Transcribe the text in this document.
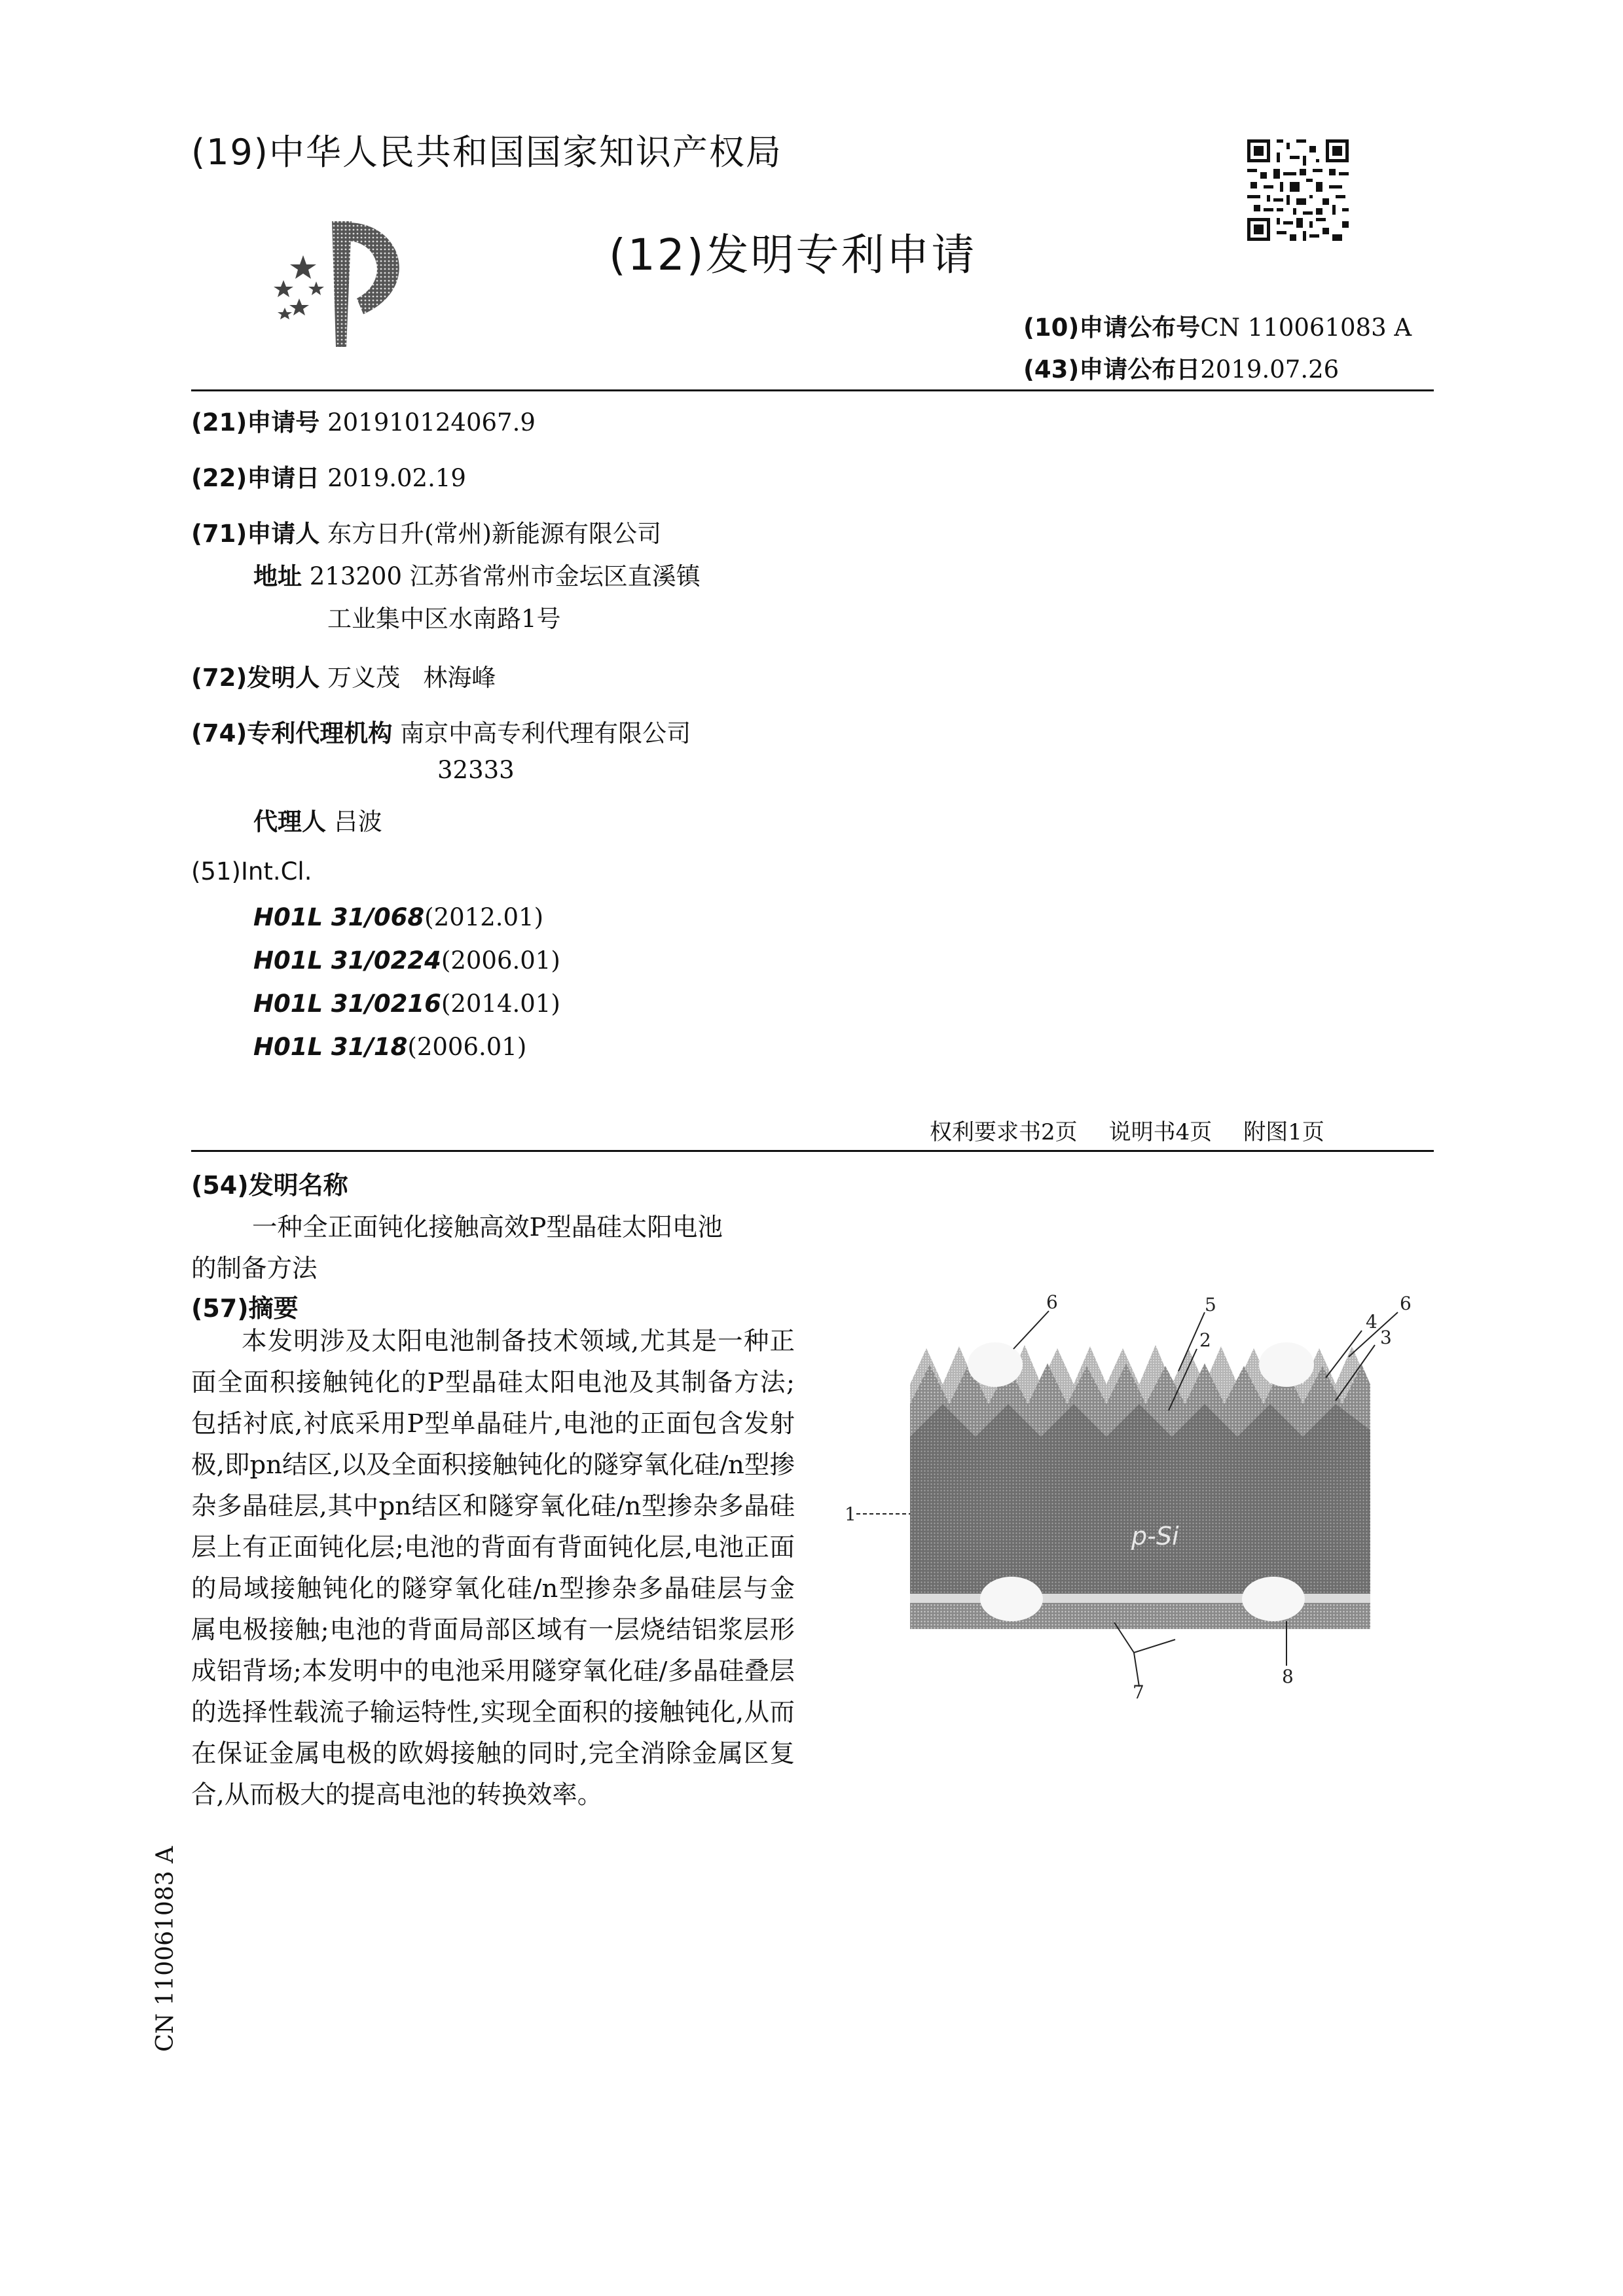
(19)中华人民共和国国家知识产权局
(12)发明专利申请
(10)申请公布号CN 110061083 A
(43)申请公布日2019.07.26
(21)申请号 201910124067.9
(22)申请日 2019.02.19
(71)申请人 东方日升(常州)新能源有限公司
地址 213200 江苏省常州市金坛区直溪镇
工业集中区水南路1号
(72)发明人 万义茂   林海峰
(74)专利代理机构 南京中高专利代理有限公司
32333
代理人 吕波
(51)Int.Cl.
H01L 31/068(2012.01)
H01L 31/0224(2006.01)
H01L 31/0216(2014.01)
H01L 31/18(2006.01)
权利要求书2页 说明书4页 附图1页
(54)发明名称
一种全正面钝化接触高效P型晶硅太阳电池
的制备方法
(57)摘要
本发明涉及太阳电池制备技术领域,尤其是一种正面全面积接触钝化的P型晶硅太阳电池及其制备方法;包括衬底,衬底采用P型单晶硅片,电池的正面包含发射极,即pn结区,以及全面积接触钝化的隧穿氧化硅/n型掺杂多晶硅层,其中pn结区和隧穿氧化硅/n型掺杂多晶硅层上有正面钝化层;电池的背面有背面钝化层,电池正面的局域接触钝化的隧穿氧化硅/n型掺杂多晶硅层与金属电极接触;电池的背面局部区域有一层烧结铝浆层形成铝背场;本发明中的电池采用隧穿氧化硅/多晶硅叠层的选择性载流子输运特性,实现全面积的接触钝化,从而在保证金属电极的欧姆接触的同时,完全消除金属区复合,从而极大的提高电池的转换效率。
p-Si
1
2	3
4
5
6	6
7
8
CN 110061083 A
